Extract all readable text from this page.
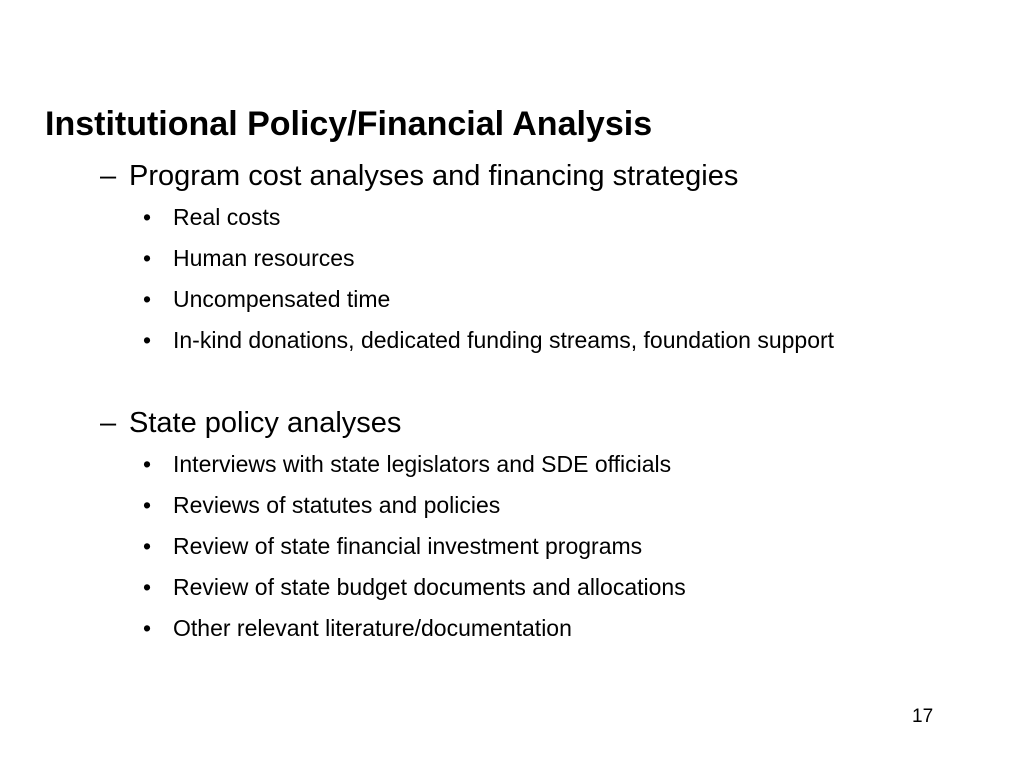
Institutional Policy/Financial Analysis
– Program cost analyses and financing strategies
• Real costs
• Human resources
• Uncompensated time
• In-kind donations, dedicated funding streams, foundation support
– State policy analyses
• Interviews with state legislators and SDE officials
• Reviews of statutes and policies
• Review of state financial investment programs
• Review of state budget documents and allocations
• Other relevant literature/documentation
17
